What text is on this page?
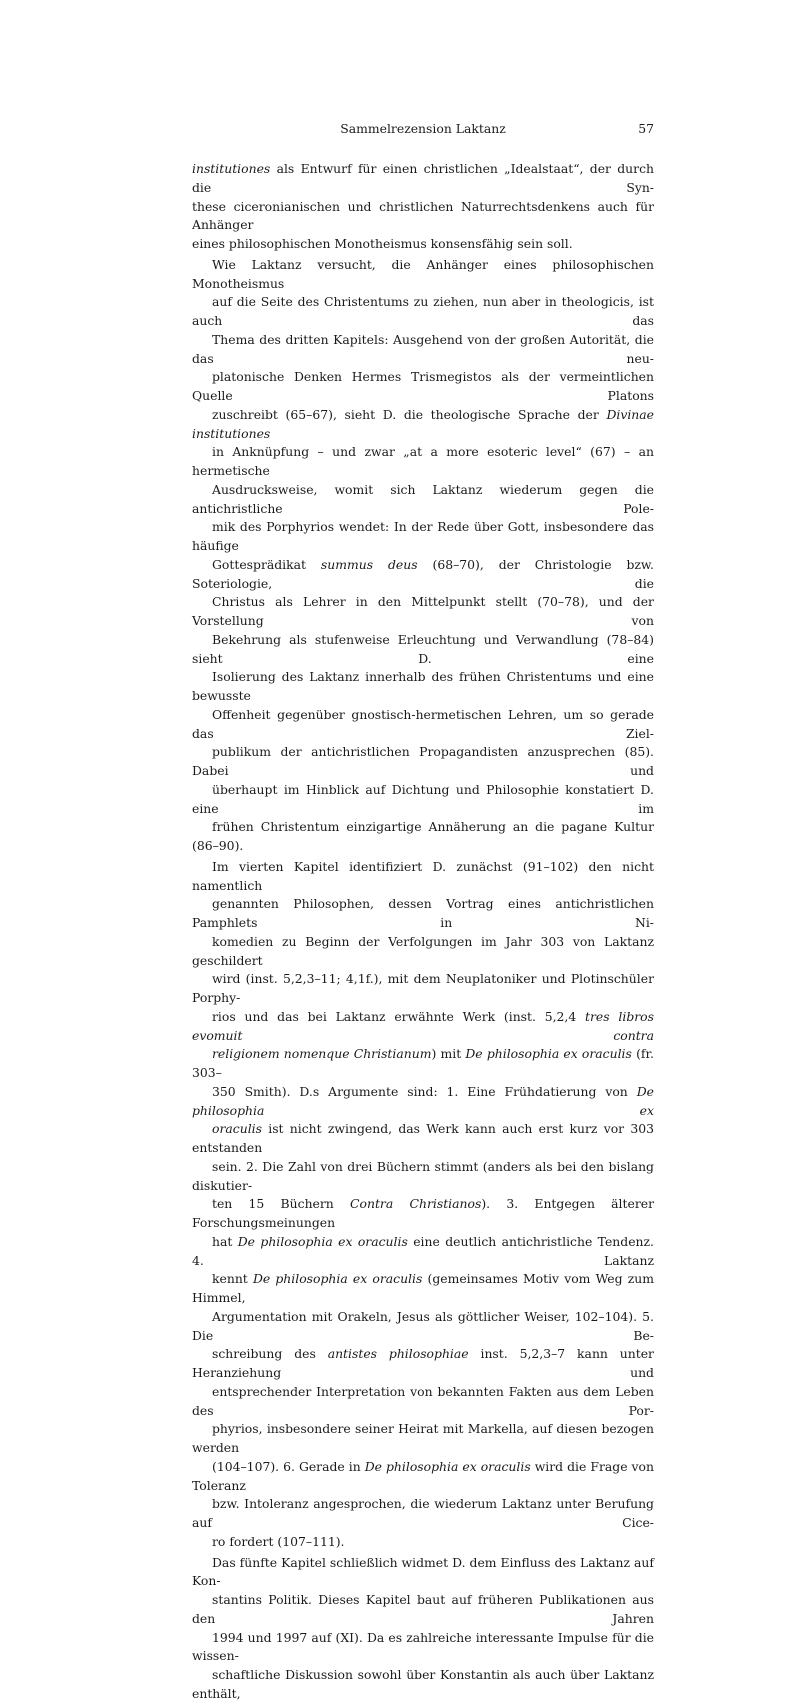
Sammelrezension Laktanz	57

institutiones als Entwurf für einen christlichen „Idealstaat“, der durch die Syn-
these ciceronianischen und christlichen Naturrechtsdenkens auch für Anhänger
eines philosophischen Monotheismus konsensfähig sein soll.

Wie Laktanz versucht, die Anhänger eines philosophischen Monotheismus
auf die Seite des Christentums zu ziehen, nun aber in theologicis, ist auch das
Thema des dritten Kapitels: Ausgehend von der großen Autorität, die das neu-
platonische Denken Hermes Trismegistos als der vermeintlichen Quelle Platons
zuschreibt (65–67), sieht D. die theologische Sprache der Divinae institutiones
in Anknüpfung – und zwar „at a more esoteric level“ (67) – an hermetische
Ausdrucksweise, womit sich Laktanz wiederum gegen die antichristliche Pole-
mik des Porphyrios wendet: In der Rede über Gott, insbesondere das häufige
Gottesprädikat summus deus (68–70), der Christologie bzw. Soteriologie, die
Christus als Lehrer in den Mittelpunkt stellt (70–78), und der Vorstellung von
Bekehrung als stufenweise Erleuchtung und Verwandlung (78–84) sieht D. eine
Isolierung des Laktanz innerhalb des frühen Christentums und eine bewusste
Offenheit gegenüber gnostisch-hermetischen Lehren, um so gerade das Ziel-
publikum der antichristlichen Propagandisten anzusprechen (85). Dabei und
überhaupt im Hinblick auf Dichtung und Philosophie konstatiert D. eine im
frühen Christentum einzigartige Annäherung an die pagane Kultur (86–90).

Im vierten Kapitel identifiziert D. zunächst (91–102) den nicht namentlich
genannten Philosophen, dessen Vortrag eines antichristlichen Pamphlets in Ni-
komedien zu Beginn der Verfolgungen im Jahr 303 von Laktanz geschildert
wird (inst. 5,2,3–11; 4,1f.), mit dem Neuplatoniker und Plotinschüler Porphy-
rios und das bei Laktanz erwähnte Werk (inst. 5,2,4 tres libros evomuit contra
religionem nomenque Christianum) mit De philosophia ex oraculis (fr. 303–
350 Smith). D.s Argumente sind: 1. Eine Frühdatierung von De philosophia ex
oraculis ist nicht zwingend, das Werk kann auch erst kurz vor 303 entstanden
sein. 2. Die Zahl von drei Büchern stimmt (anders als bei den bislang diskutier-
ten 15 Büchern Contra Christianos). 3. Entgegen älterer Forschungsmeinungen
hat De philosophia ex oraculis eine deutlich antichristliche Tendenz. 4. Laktanz
kennt De philosophia ex oraculis (gemeinsames Motiv vom Weg zum Himmel,
Argumentation mit Orakeln, Jesus als göttlicher Weiser, 102–104). 5. Die Be-
schreibung des antistes philosophiae inst. 5,2,3–7 kann unter Heranziehung und
entsprechender Interpretation von bekannten Fakten aus dem Leben des Por-
phyrios, insbesondere seiner Heirat mit Markella, auf diesen bezogen werden
(104–107). 6. Gerade in De philosophia ex oraculis wird die Frage von Toleranz
bzw. Intoleranz angesprochen, die wiederum Laktanz unter Berufung auf Cice-
ro fordert (107–111).

Das fünfte Kapitel schließlich widmet D. dem Einfluss des Laktanz auf Kon-
stantins Politik. Dieses Kapitel baut auf früheren Publikationen aus den Jahren
1994 und 1997 auf (XI). Da es zahlreiche interessante Impulse für die wissen-
schaftliche Diskussion sowohl über Konstantin als auch über Laktanz enthält,
